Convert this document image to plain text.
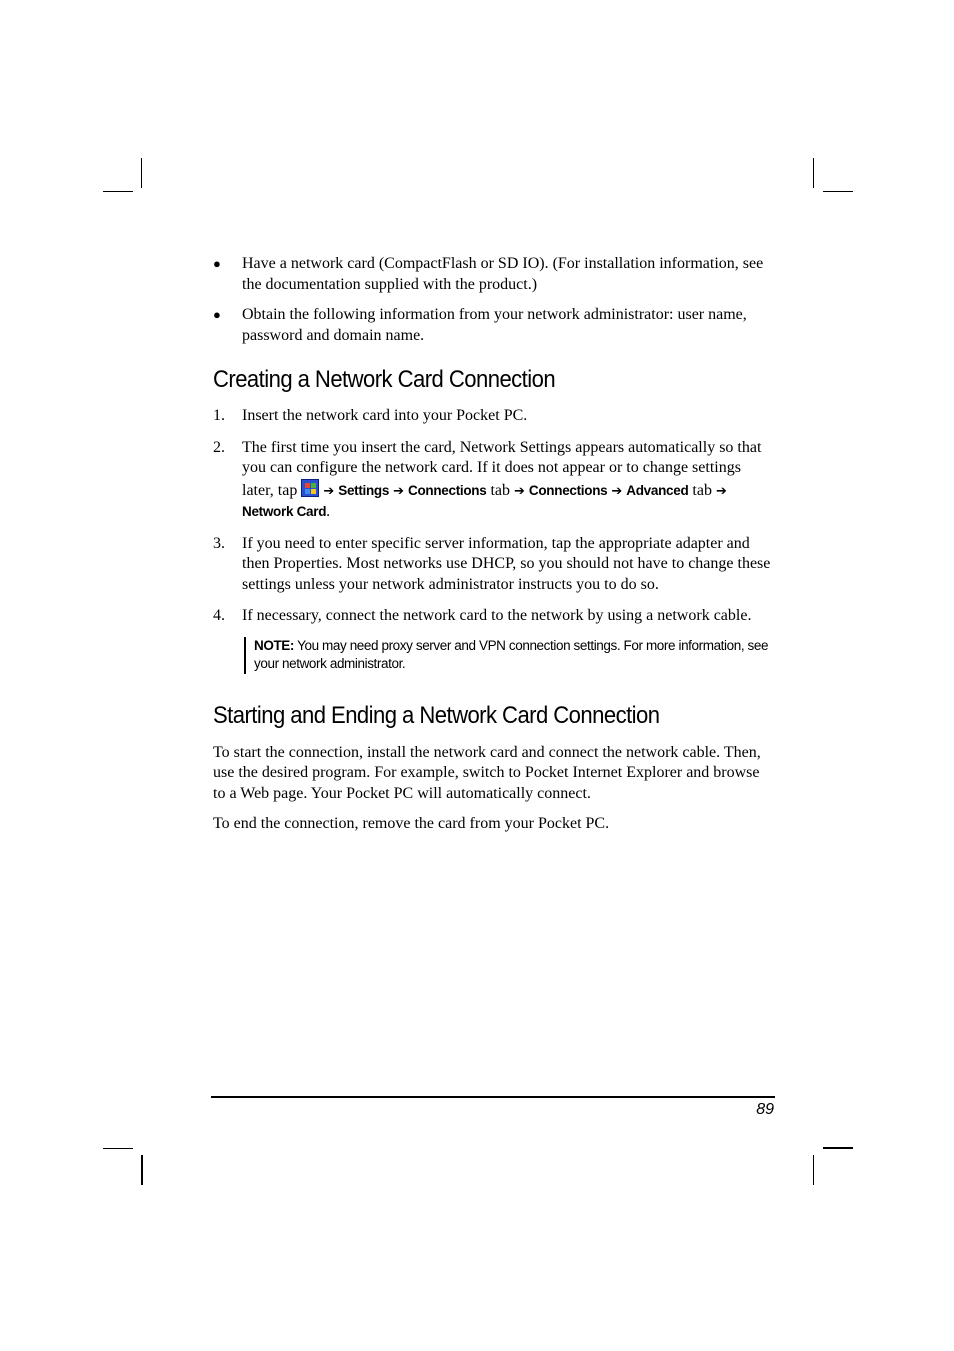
● Have a network card (CompactFlash or SD IO). (For installation information, see the documentation supplied with the product.)
● Obtain the following information from your network administrator: user name, password and domain name.
Creating a Network Card Connection
1. Insert the network card into your Pocket PC.
2. The first time you insert the card, Network Settings appears automatically so that you can configure the network card. If it does not appear or to change settings later, tap ➔ Settings ➔ Connections tab ➔ Connections ➔ Advanced tab ➔ Network Card.
3. If you need to enter specific server information, tap the appropriate adapter and then Properties. Most networks use DHCP, so you should not have to change these settings unless your network administrator instructs you to do so.
4. If necessary, connect the network card to the network by using a network cable.
NOTE: You may need proxy server and VPN connection settings. For more information, see your network administrator.
Starting and Ending a Network Card Connection

To start the connection, install the network card and connect the network cable. Then, use the desired program. For example, switch to Pocket Internet Explorer and browse to a Web page. Your Pocket PC will automatically connect.

To end the connection, remove the card from your Pocket PC.

89
